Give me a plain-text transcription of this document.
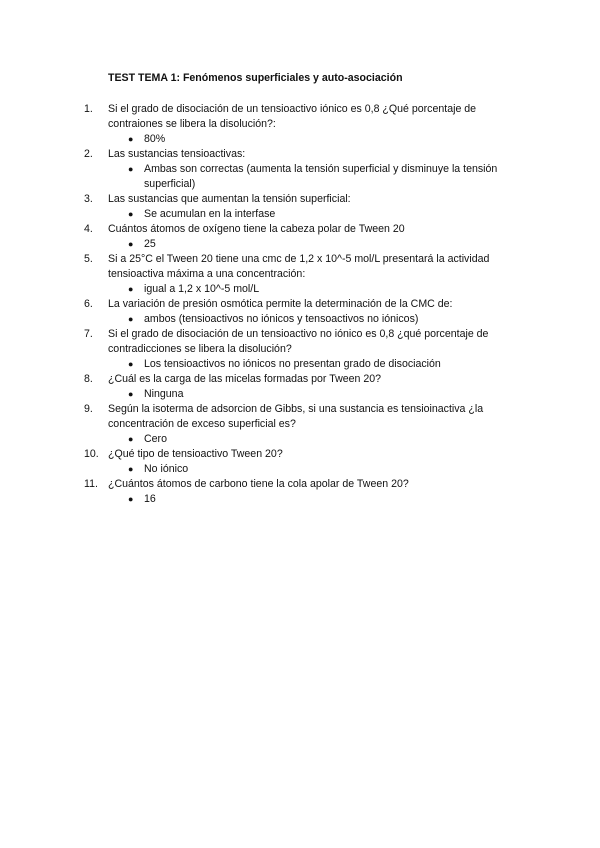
TEST TEMA 1: Fenómenos superficiales y auto-asociación
1.	Si el grado de disociación de un tensioactivo iónico es 0,8 ¿Qué porcentaje de contraiones se libera la disolución?:
● 80%
2.	Las sustancias tensioactivas:
● Ambas son correctas (aumenta la tensión superficial y disminuye la tensión superficial)
3.	Las sustancias que aumentan la tensión superficial:
● Se acumulan en la interfase
4.	Cuántos átomos de oxígeno tiene la cabeza polar de Tween 20
● 25
5.	Si a 25°C el Tween 20 tiene una cmc de 1,2 x 10^-5 mol/L presentará la actividad tensioactiva máxima a una concentración:
● igual a 1,2 x 10^-5 mol/L
6.	La variación de presión osmótica permite la determinación de la CMC de:
● ambos (tensioactivos no iónicos y tensoactivos no iónicos)
7.	Si el grado de disociación de un tensioactivo no iónico es 0,8 ¿qué porcentaje de contradicciones se libera la disolución?
● Los tensioactivos no iónicos no presentan grado de disociación
8.	¿Cuál es la carga de las micelas formadas por Tween 20?
● Ninguna
9.	Según la isoterma de adsorcion de Gibbs, si una sustancia es tensioinactiva ¿la concentración de exceso superficial es?
● Cero
10. ¿Qué tipo de tensioactivo Tween 20?
● No iónico
11. ¿Cuántos átomos de carbono tiene la cola apolar de Tween 20?
● 16
